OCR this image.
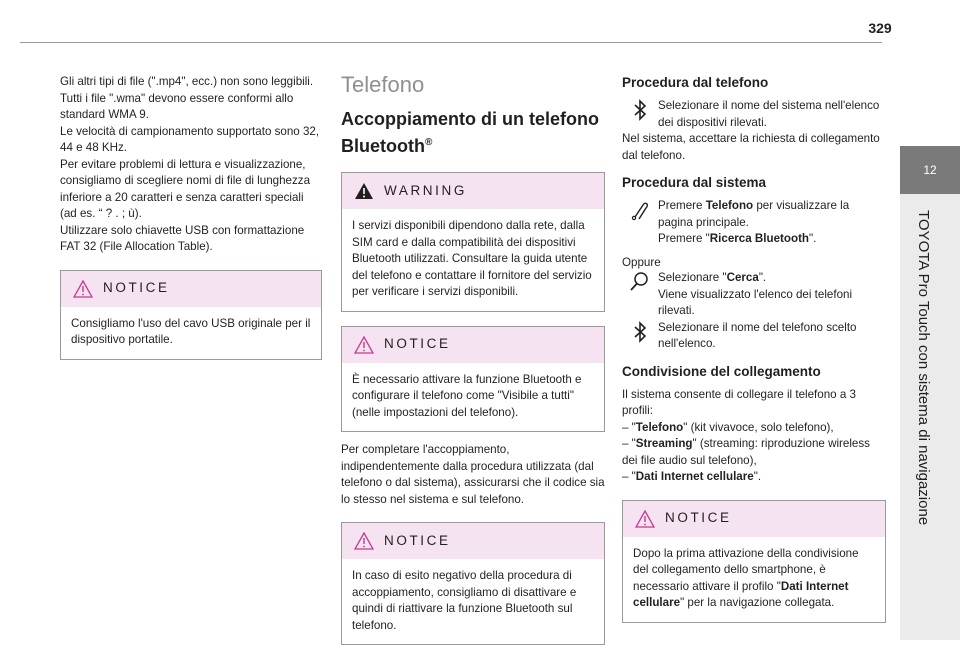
329
12
TOYOTA Pro Touch con sistema di navigazione

Gli altri tipi di file (".mp4", ecc.) non sono leggibili.

Tutti i file ".wma" devono essere conformi allo standard WMA 9.

Le velocità di campionamento supportato sono 32, 44 e 48 KHz.

Per evitare problemi di lettura e visualizzazione, consigliamo di scegliere nomi di file di lunghezza inferiore a 20 caratteri e senza caratteri speciali (ad es. “ ? . ; ù).

Utilizzare solo chiavette USB con formattazione FAT 32 (File Allocation Table).

NOTICE
Consigliamo l'uso del cavo USB originale per il dispositivo portatile.
Telefono
Accoppiamento di un telefono Bluetooth®
WARNING
I servizi disponibili dipendono dalla rete, dalla SIM card e dalla compatibilità dei dispositivi Bluetooth utilizzati. Consultare la guida utente del telefono e contattare il fornitore del servizio per verificare i servizi disponibili.
NOTICE
È necessario attivare la funzione Bluetooth e configurare il telefono come "Visibile a tutti" (nelle impostazioni del telefono).

Per completare l'accoppiamento, indipendentemente dalla procedura utilizzata (dal telefono o dal sistema), assicurarsi che il codice sia lo stesso nel sistema e sul telefono.

NOTICE
In caso di esito negativo della procedura di accoppiamento, consigliamo di disattivare e quindi di riattivare la funzione Bluetooth sul telefono.
Procedura dal telefono
Selezionare il nome del sistema nell'elenco dei dispositivi rilevati.

Nel sistema, accettare la richiesta di collegamento dal telefono.

Procedura dal sistema
Premere Telefono per visualizzare la pagina principale.
Premere "Ricerca Bluetooth".
Oppure

Selezionare "Cerca".
Viene visualizzato l'elenco dei telefoni rilevati.
Selezionare il nome del telefono scelto nell'elenco.
Condivisione del collegamento

Il sistema consente di collegare il telefono a 3 profili:

– "Telefono" (kit vivavoce, solo telefono),

– "Streaming" (streaming: riproduzione wireless dei file audio sul telefono),

– "Dati Internet cellulare".

NOTICE
Dopo la prima attivazione della condivisione del collegamento dello smartphone, è necessario attivare il profilo "Dati Internet cellulare" per la navigazione collegata.
